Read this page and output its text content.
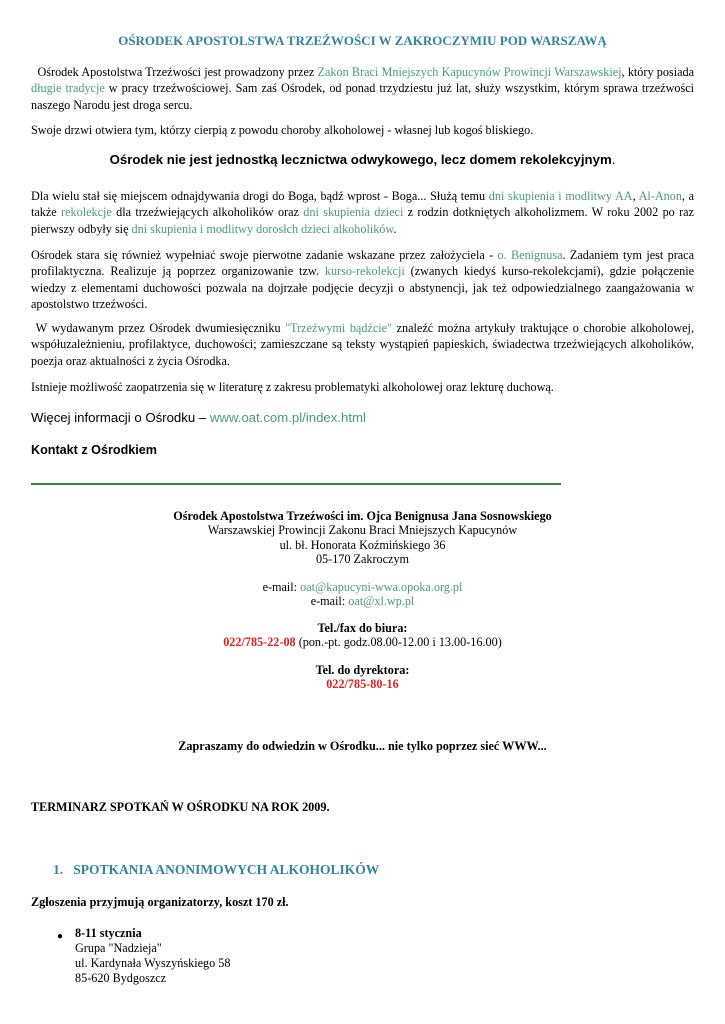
OŚRODEK APOSTOLSTWA TRZEŹWOŚCI W ZAKROCZYMIU POD WARSZAWĄ
Ośrodek Apostolstwa Trzeźwości jest prowadzony przez Zakon Braci Mniejszych Kapucynów Prowincji Warszawskiej, który posiada długie tradycje w pracy trzeźwościowej. Sam zaś Ośrodek, od ponad trzydziestu już lat, służy wszystkim, którym sprawa trzeźwości naszego Narodu jest droga sercu.
Swoje drzwi otwiera tym, którzy cierpią z powodu choroby alkoholowej - własnej lub kogoś bliskiego.
Ośrodek nie jest jednostką lecznictwa odwykowego, lecz domem rekolekcyjnym.
Dla wielu stał się miejscem odnajdywania drogi do Boga, bądź wprost - Boga... Służą temu dni skupienia i modlitwy AA, Al-Anon, a także rekolekcje dla trzeźwiejących alkoholików oraz dni skupienia dzieci z rodzin dotkniętych alkoholizmem. W roku 2002 po raz pierwszy odbyły się dni skupienia i modlitwy dorosłch dzieci alkoholików.
Ośrodek stara się również wypełniać swoje pierwotne zadanie wskazane przez założyciela - o. Benignusa. Zadaniem tym jest praca profilaktyczna. Realizuje ją poprzez organizowanie tzw. kurso-rekolekcji (zwanych kiedyś kurso-rekolekcjami), gdzie połączenie wiedzy z elementami duchowości pozwala na dojrzałe podjęcie decyzji o abstynencji, jak też odpowiedzialnego zaangażowania w apostolstwo trzeźwości.
W wydawanym przez Ośrodek dwumiesięczniku "Trzeźwymi bądźcie" znaleźć można artykuły traktujące o chorobie alkoholowej, współuzależnieniu, profilaktyce, duchowości; zamieszczane są teksty wystąpień papieskich, świadectwa trzeźwiejących alkoholików, poezja oraz aktualności z życia Ośrodka.
Istnieje możliwość zaopatrzenia się w literaturę z zakresu problematyki alkoholowej oraz lekturę duchową.
Więcej informacji o Ośrodku – www.oat.com.pl/index.html
Kontakt z Ośrodkiem
Ośrodek Apostolstwa Trzeźwości im. Ojca Benignusa Jana Sosnowskiego
Warszawskiej Prowincji Zakonu Braci Mniejszych Kapucynów
ul. bł. Honorata Koźmińskiego 36
05-170 Zakroczym
e-mail: oat@kapucyni-wwa.opoka.org.pl
e-mail: oat@xl.wp.pl
Tel./fax do biura:
022/785-22-08 (pon.-pt. godz.08.00-12.00 i 13.00-16.00)
Tel. do dyrektora:
022/785-80-16
Zapraszamy do odwiedzin w Ośrodku... nie tylko poprzez sieć WWW...
TERMINARZ SPOTKAŃ W OŚRODKU NA ROK 2009.
1. SPOTKANIA ANONIMOWYCH ALKOHOLIKÓW
Zgłoszenia przyjmują organizatorzy, koszt 170 zł.
● 8-11 stycznia
Grupa "Nadzieja"
ul. Kardynała Wyszyńskiego 58
85-620 Bydgoszcz
